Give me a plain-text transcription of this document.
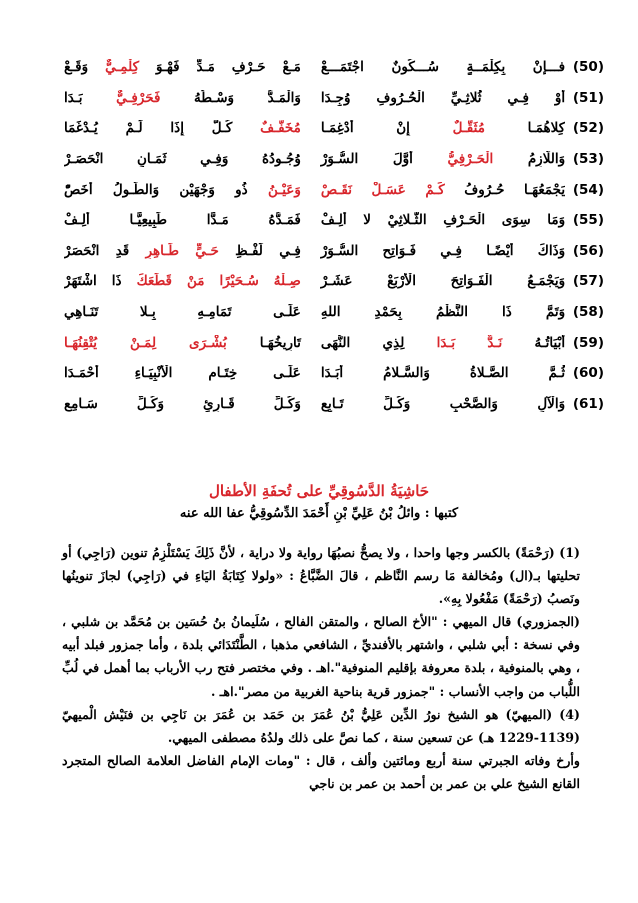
(50)
فـــإنْ بِكِلْمَــةٍ سُـــكُونٌ اجْتَمَـــعْ
مَـعْ حَـرْفِ مَـدِّ فَهْـوَ كِلْمِـيٌّ وَقَـعْ
(51)
أَوْ فِـي ثُلاثِـيِّ الْحُـرُوفِ وُجِـدَا
وَالْمَـدُّ وَسْـطُهُ فَحَرْفِـيٌّ بَـدَا
(52)
كِلاهُمَـا مُثَقَّـلٌ إِنْ أُدْغِمَـا
مُخَفَّـفٌ كُـلٌّ إِذَا لَـمْ يُـدْغَمَا
(53)
وَاللَّازِمُ الْحَـرْفِيُّ أَوَّلَ السُّـوَرْ
وُجُـودُهُ وَفِـي ثَمَـانٍ انْحَصَـرْ
(54)
يَجْمَعُهَـا حُـرُوفُ كَـمْ عَسَـلْ نَقَـصْ
وَعَيْـنُ ذُو وَجْهَيْنِ وَالطُّـولُ أَخَصّْ
(55)
وَمَا سِوَى الْحَـرْفِ الثُّـلاثِيْ لا أَلِـفْ
فَمَـدُّهُ مَـدًّا طَبِيعِيًّـا أُلِـفْ
(56)
وَذَاكَ أَيْضًـا فِـي فَـوَاتِحِ السُّـوَرْ
فِـي لَفْـظِ حَـيٍّ طَـاهِرٍ قَدِ انْحَصَرْ
(57)
وَيَجْمَـعُ الْفَـوَاتِحَ الْأَرْبَعْ عَشَـرْ
صِـلْهُ سُـحَيْرًا مَنْ قَطَعَكَ ذَا اشْتَهَرْ
(58)
وَتَمَّ ذَا النَّظْمُ بِحَمْدِ اللهِ
عَلَـى تَمَامِـهِ بِـلا تَنَـاهِي
(59)
أَبْيَاتُـهُ نَـدٌّ بَـدَا لِذِي النُّهَى
تَارِيخُهَـا بُشْـرَى لِمَـنْ يُتْقِنُهَـا
(60)
ثُـمَّ الصَّـلاةُ وَالسَّـلامُ أَبَـدَا
عَلَـى خِتَـامِ الْأَنْبِيَـاءِ أَحْمَـدَا
(61)
وَالْآلِ وَالصَّحْبِ وَكُـلِّ تَـابِعِ
وَكُـلِّ قَـارِئٍ وَكُـلِّ سَـامِعِ
حَاشِيَةُ الدَّسُوقِيِّ على تُحفَةِ الأطفال
كتبها : وائلُ بْنُ عَلِيِّ بْنِ أَحْمَدَ الدِّسُوقِيُّ عفا الله عنه

(1) (رَحْمَةً) بالكسر وجها واحدا ، ولا يصحُّ نصبُهَا رواية ولا دراية ، لأنَّ ذَلِكَ يَسْتَلْزِمُ تنوين (رَاجِي) أو تحليتها بـ(ال) ومُخالفة مَا رسم النَّاظم ، قالَ الضَّبَّاعُ : «ولولا كِتَابَةُ اليَاءِ في (رَاجِي) لجازَ تنوينُها ونَصبُ (رَحْمَةً) مَفْعُولا بِهِ».

(الجمزوري) قال الميهي : "الأخ الصالح ، والمتقن الفالح ، سُلَيمانُ بنُ حُسَين بن مُحَمَّد بن شلبي ، وفي نسخة : أبي شلبي ، واشتهر بالأفنديِّ ، الشافعي مذهبا ، الطَّنْتَدَائي بلدة ، وأما جمزور فبلد أبيه ، وهي بالمنوفية ، بلدة معروفة بإقليم المنوفية".اهـ . وفي مختصر فتح رب الأرباب بما أهمل في لُبِّ اللُّباب من واجب الأنساب : "جمزور قرية بناحية الغربية من مصر".اهـ .

(4) (الميهيّ) هو الشيخ نورُ الدِّين عَلِيُّ بْنُ عُمَرَ بن حَمَد بن عُمَرَ بن نَاجِي بن فنَيْش الْميهيّ (1139-1229 هـ) عن تسعين سنة ، كما نصَّ على ذلك ولدُهُ مصطفى الميهي.

وأرخ وفاته الجبرتي سنة أربع ومائتين وألف ، قال : "ومات الإمام الفاضل العلامة الصالح المتجرد القانع الشيخ علي بن عمر بن أحمد بن عمر بن ناجي
